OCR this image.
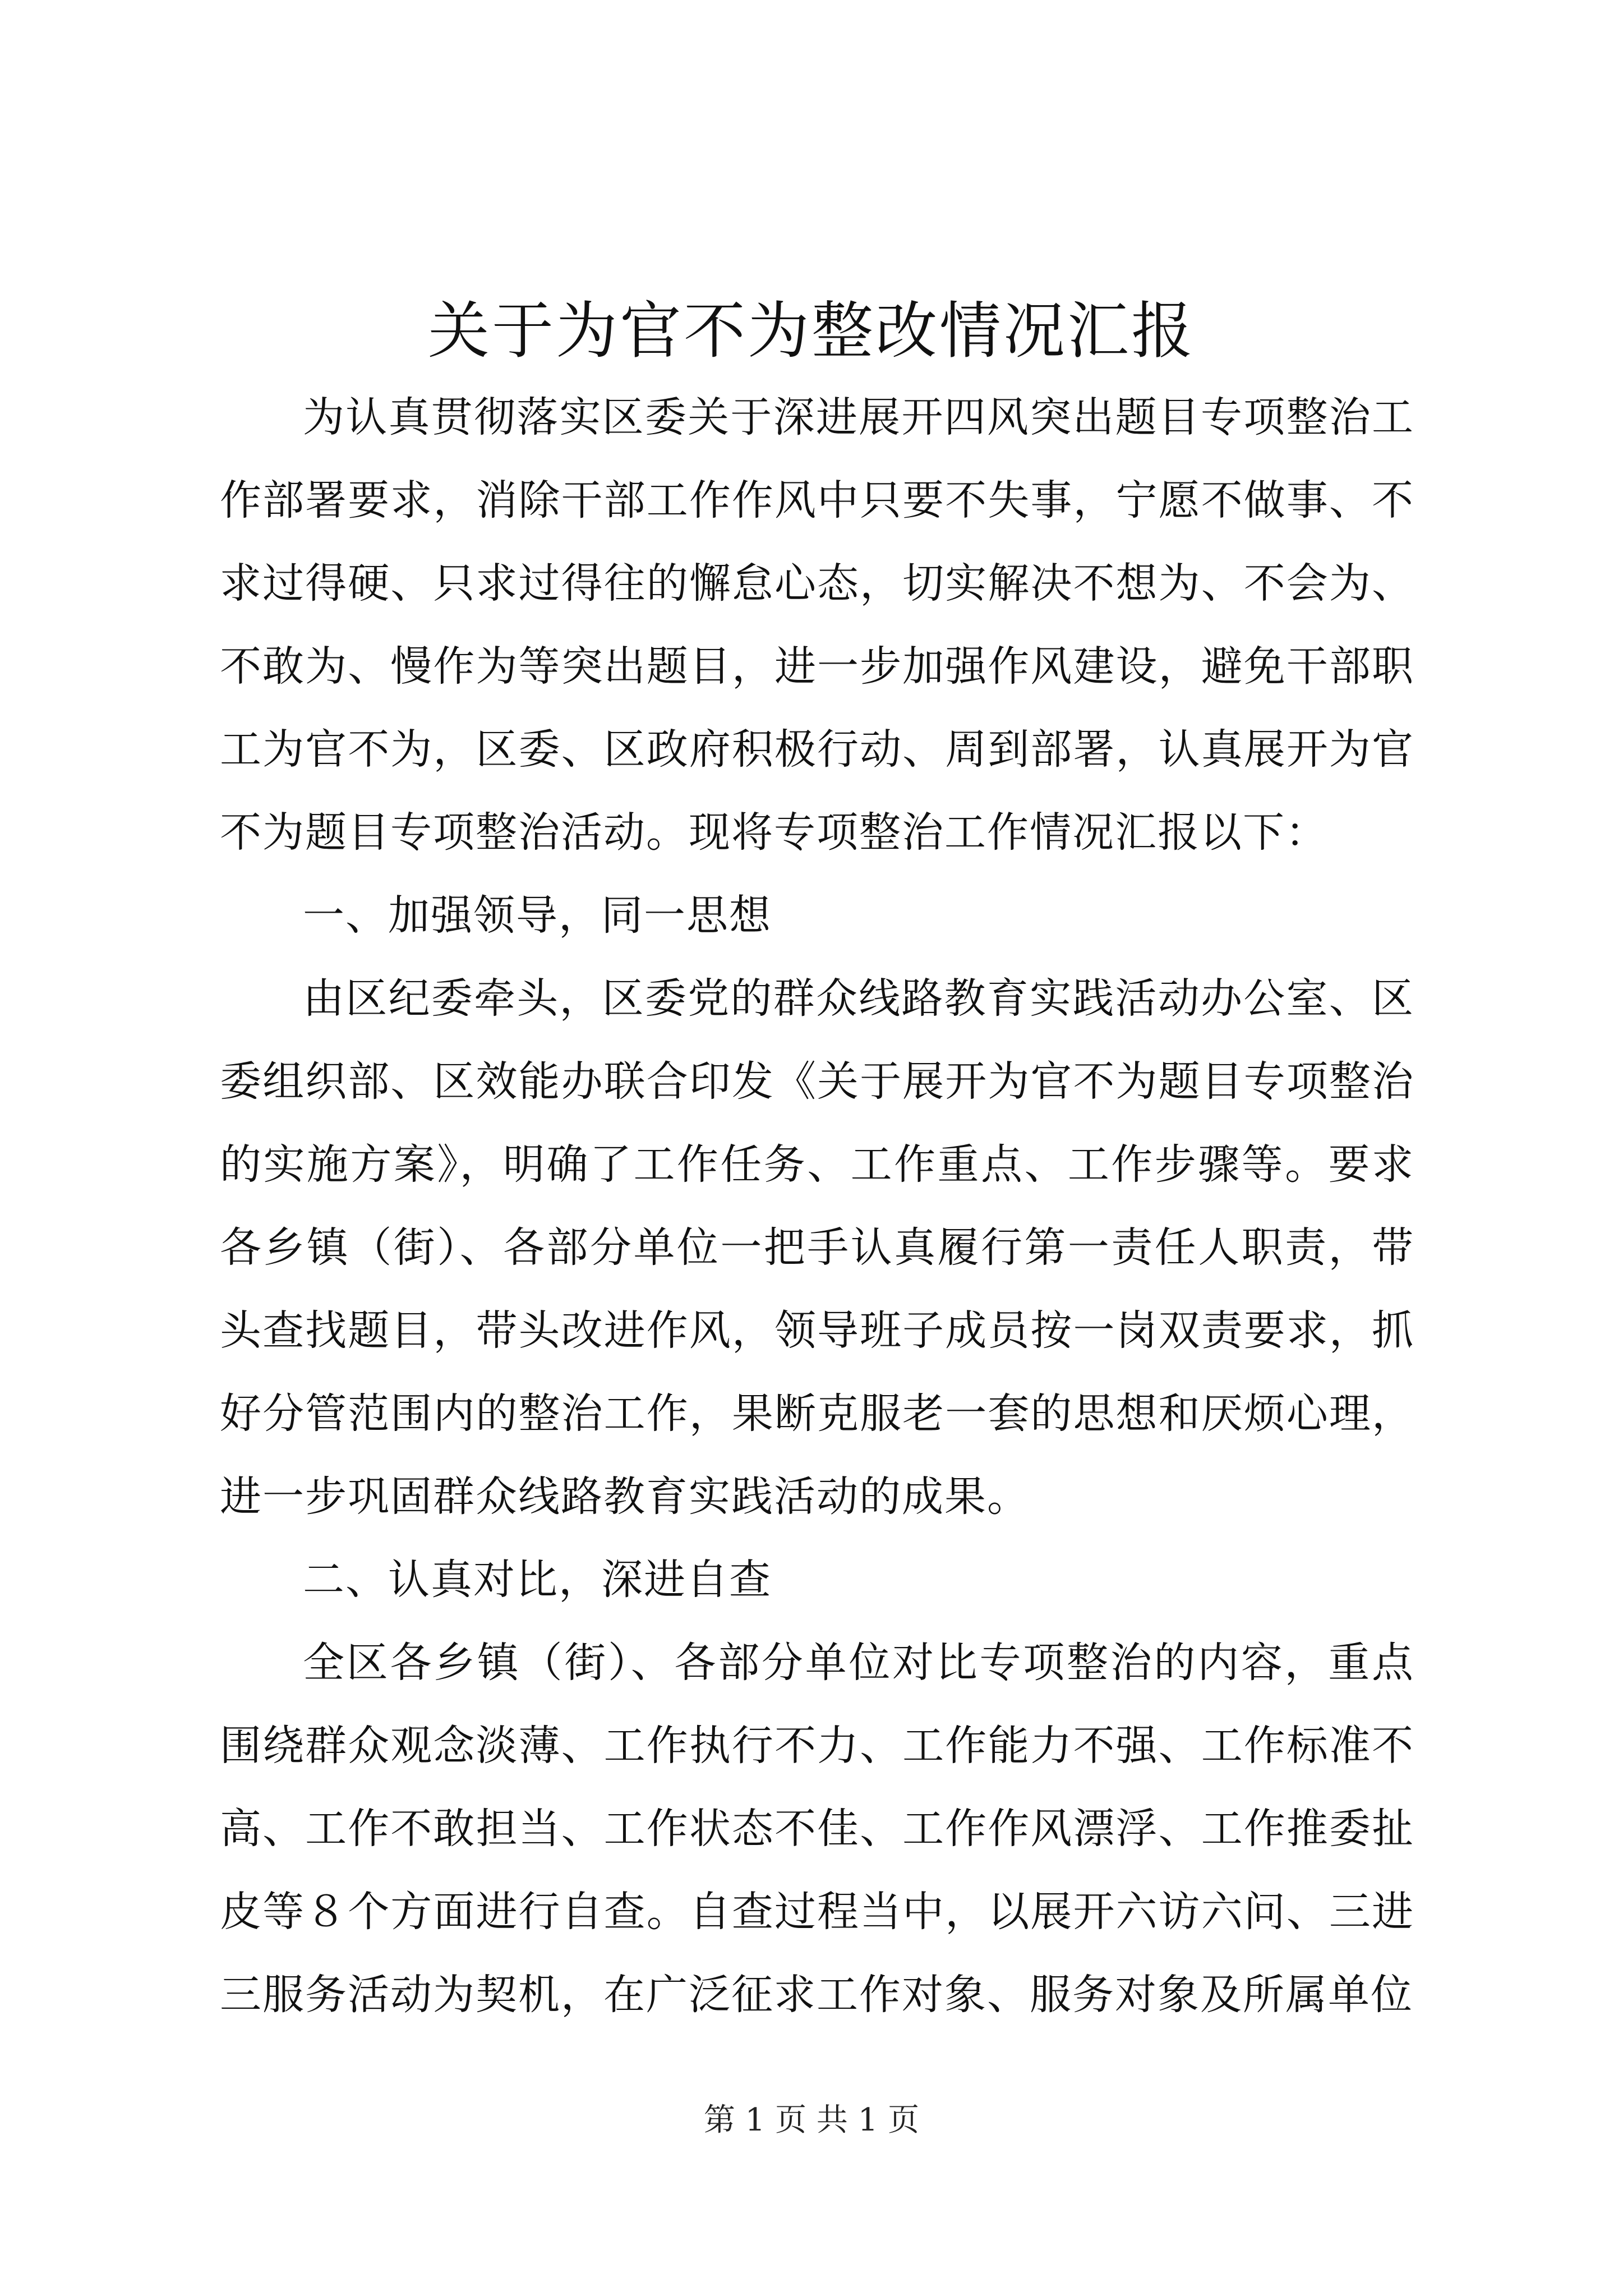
关于为官不为整改情况汇报

为认真贯彻落实区委关于深进展开四风突出题目专项整治工作部署要求，消除干部工作作风中只要不失事，宁愿不做事、不求过得硬、只求过得往的懈怠心态，切实解决不想为、不会为、不敢为、慢作为等突出题目，进一步加强作风建设，避免干部职工为官不为，区委、区政府积极行动、周到部署，认真展开为官不为题目专项整治活动。现将专项整治工作情况汇报以下：

一、加强领导，同一思想

由区纪委牵头，区委党的群众线路教育实践活动办公室、区委组织部、区效能办联合印发《关于展开为官不为题目专项整治的实施方案》，明确了工作任务、工作重点、工作步骤等。要求各乡镇（街）、各部分单位一把手认真履行第一责任人职责，带头查找题目，带头改进作风，领导班子成员按一岗双责要求，抓好分管范围内的整治工作，果断克服老一套的思想和厌烦心理，进一步巩固群众线路教育实践活动的成果。

二、认真对比，深进自查

全区各乡镇（街）、各部分单位对比专项整治的内容，重点围绕群众观念淡薄、工作执行不力、工作能力不强、工作标准不高、工作不敢担当、工作状态不佳、工作作风漂浮、工作推委扯皮等８个方面进行自查。自查过程当中，以展开六访六问、三进三服务活动为契机，在广泛征求工作对象、服务对象及所属单位

第 1 页 共 1 页
